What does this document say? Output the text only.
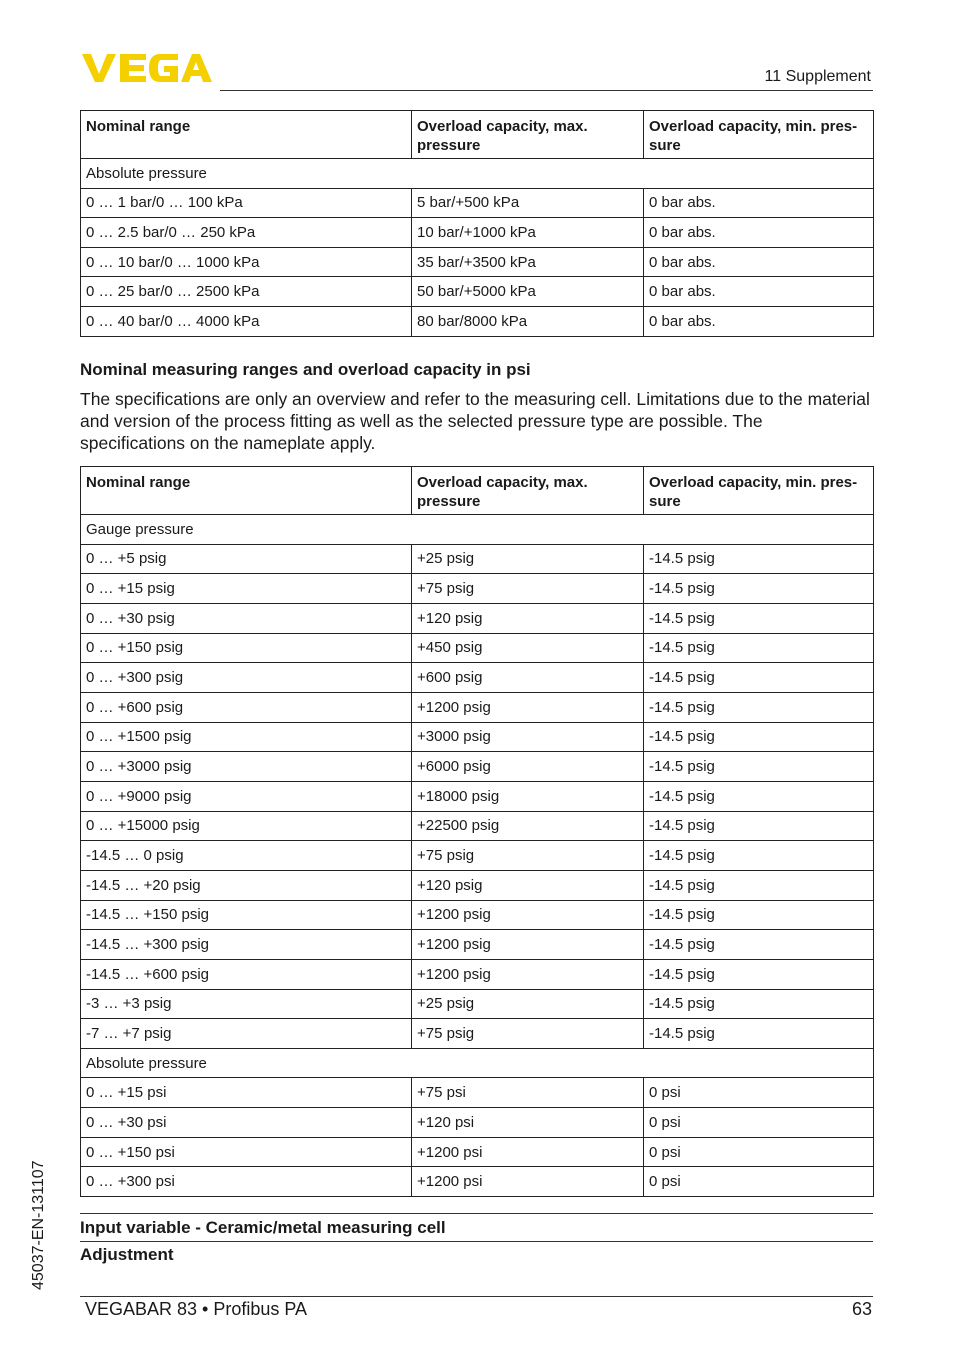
VEGA
11 Supplement
Nominal range	Overload capacity, max. pressure	Overload capacity, min. pres-sure
Absolute pressure		
0 … 1 bar/0 … 100 kPa	5 bar/+500 kPa	0 bar abs.
0 … 2.5 bar/0 … 250 kPa	10 bar/+1000 kPa	0 bar abs.
0 … 10 bar/0 … 1000 kPa	35 bar/+3500 kPa	0 bar abs.
0 … 25 bar/0 … 2500 kPa	50 bar/+5000 kPa	0 bar abs.
0 … 40 bar/0 … 4000 kPa	80 bar/8000 kPa	0 bar abs.
Nominal measuring ranges and overload capacity in psi

The specifications are only an overview and refer to the measuring cell. Limitations due to the material and version of the process fitting as well as the selected pressure type are possible. The specifications on the nameplate apply.

Nominal range	Overload capacity, max. pressure	Overload capacity, min. pres-sure
Gauge pressure		
0 … +5 psig	+25 psig	-14.5 psig
0 … +15 psig	+75 psig	-14.5 psig
0 … +30 psig	+120 psig	-14.5 psig
0 … +150 psig	+450 psig	-14.5 psig
0 … +300 psig	+600 psig	-14.5 psig
0 … +600 psig	+1200 psig	-14.5 psig
0 … +1500 psig	+3000 psig	-14.5 psig
0 … +3000 psig	+6000 psig	-14.5 psig
0 … +9000 psig	+18000 psig	-14.5 psig
0 … +15000 psig	+22500 psig	-14.5 psig
-14.5 … 0 psig	+75 psig	-14.5 psig
-14.5 … +20 psig	+120 psig	-14.5 psig
-14.5 … +150 psig	+1200 psig	-14.5 psig
-14.5 … +300 psig	+1200 psig	-14.5 psig
-14.5 … +600 psig	+1200 psig	-14.5 psig
-3 … +3 psig	+25 psig	-14.5 psig
-7 … +7 psig	+75 psig	-14.5 psig
Absolute pressure		
0 … +15 psi	+75 psi	0 psi
0 … +30 psi	+120 psi	0 psi
0 … +150 psi	+1200 psi	0 psi
0 … +300 psi	+1200 psi	0 psi
Input variable - Ceramic/metal measuring cell
Adjustment
45037-EN-131107
VEGABAR 83 • Profibus PA	63
